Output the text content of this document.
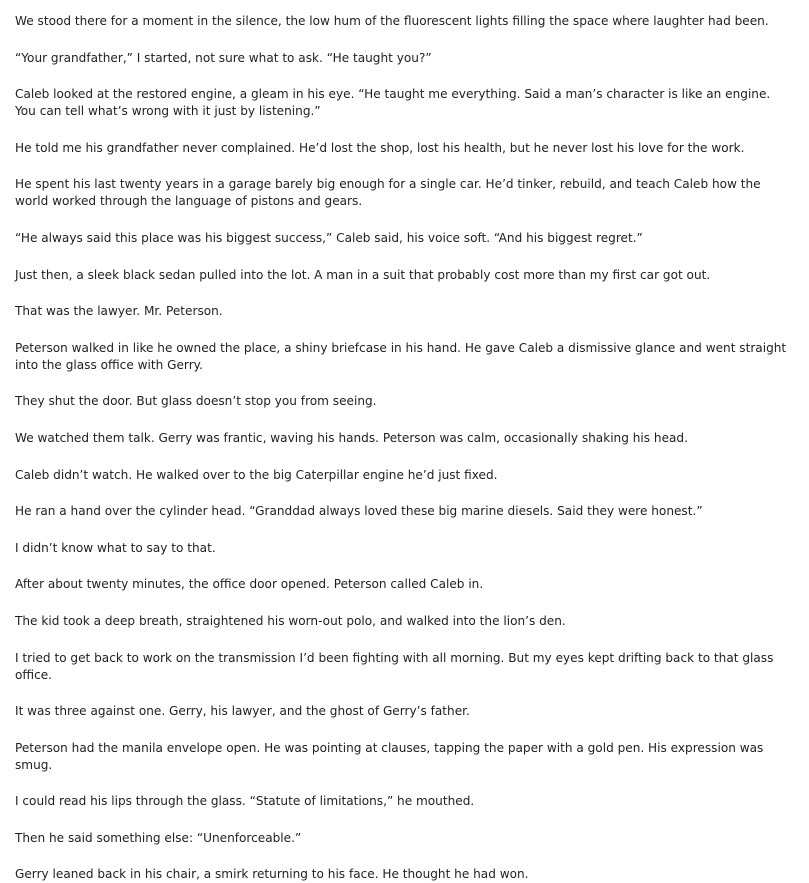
We stood there for a moment in the silence, the low hum of the fluorescent lights filling the space where laughter had been.

“Your grandfather,” I started, not sure what to ask. “He taught you?”

Caleb looked at the restored engine, a gleam in his eye. “He taught me everything. Said a man’s character is like an engine. You can tell what’s wrong with it just by listening.”

He told me his grandfather never complained. He’d lost the shop, lost his health, but he never lost his love for the work.

He spent his last twenty years in a garage barely big enough for a single car. He’d tinker, rebuild, and teach Caleb how the world worked through the language of pistons and gears.

“He always said this place was his biggest success,” Caleb said, his voice soft. “And his biggest regret.”

Just then, a sleek black sedan pulled into the lot. A man in a suit that probably cost more than my first car got out.

That was the lawyer. Mr. Peterson.

Peterson walked in like he owned the place, a shiny briefcase in his hand. He gave Caleb a dismissive glance and went straight into the glass office with Gerry.

They shut the door. But glass doesn’t stop you from seeing.

We watched them talk. Gerry was frantic, waving his hands. Peterson was calm, occasionally shaking his head.

Caleb didn’t watch. He walked over to the big Caterpillar engine he’d just fixed.

He ran a hand over the cylinder head. “Granddad always loved these big marine diesels. Said they were honest.”

I didn’t know what to say to that.

After about twenty minutes, the office door opened. Peterson called Caleb in.

The kid took a deep breath, straightened his worn-out polo, and walked into the lion’s den.

I tried to get back to work on the transmission I’d been fighting with all morning. But my eyes kept drifting back to that glass office.

It was three against one. Gerry, his lawyer, and the ghost of Gerry’s father.

Peterson had the manila envelope open. He was pointing at clauses, tapping the paper with a gold pen. His expression was smug.

I could read his lips through the glass. “Statute of limitations,” he mouthed.

Then he said something else: “Unenforceable.”

Gerry leaned back in his chair, a smirk returning to his face. He thought he had won.
